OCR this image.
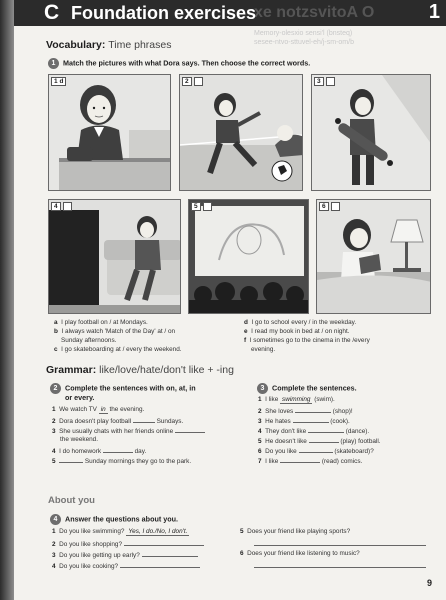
xe notzsvitoA O
C Foundation exercises	1
Memory-olesxio sensi'l (bnsteq)
sesee-ntvo-sttuvel-eh/j-sm-om/b
Vocabulary: Time phrases
1 Match the pictures with what Dora says. Then choose the correct words.
1 d	2	3
4	5	6
a I play football on / at Mondays.
b I always watch 'Match of the Day' at / on
Sunday afternoons.
c I go skateboarding at / every the weekend.
d I go to school every / in the weekday.
e I read my book in bed at / on night.
f I sometimes go to the cinema in the /every
evening.
Grammar: like/love/hate/don't like + -ing
2 Complete the sentences with on, at, in
or every.
1 We watch TV in the evening.
2 Dora doesn't play football	Sundays.
3 She usually chats with her friends online
the weekend.
4 I do homework	day.
5	Sunday mornings they go to the park.
3 Complete the sentences.
1 I like swimming (swim).
2 She loves	(shop)!
3 He hates	(cook).
4 They don't like	(dance).
5 He doesn't like	(play) football.
6 Do you like	(skateboard)?
7 I like	(read) comics.
About you
4 Answer the questions about you.
1 Do you like swimming? Yes, I do./No, I don't.
2 Do you like shopping?
3 Do you like getting up early?
4 Do you like cooking?
5 Does your friend like playing sports?
6 Does your friend like listening to music?
9
